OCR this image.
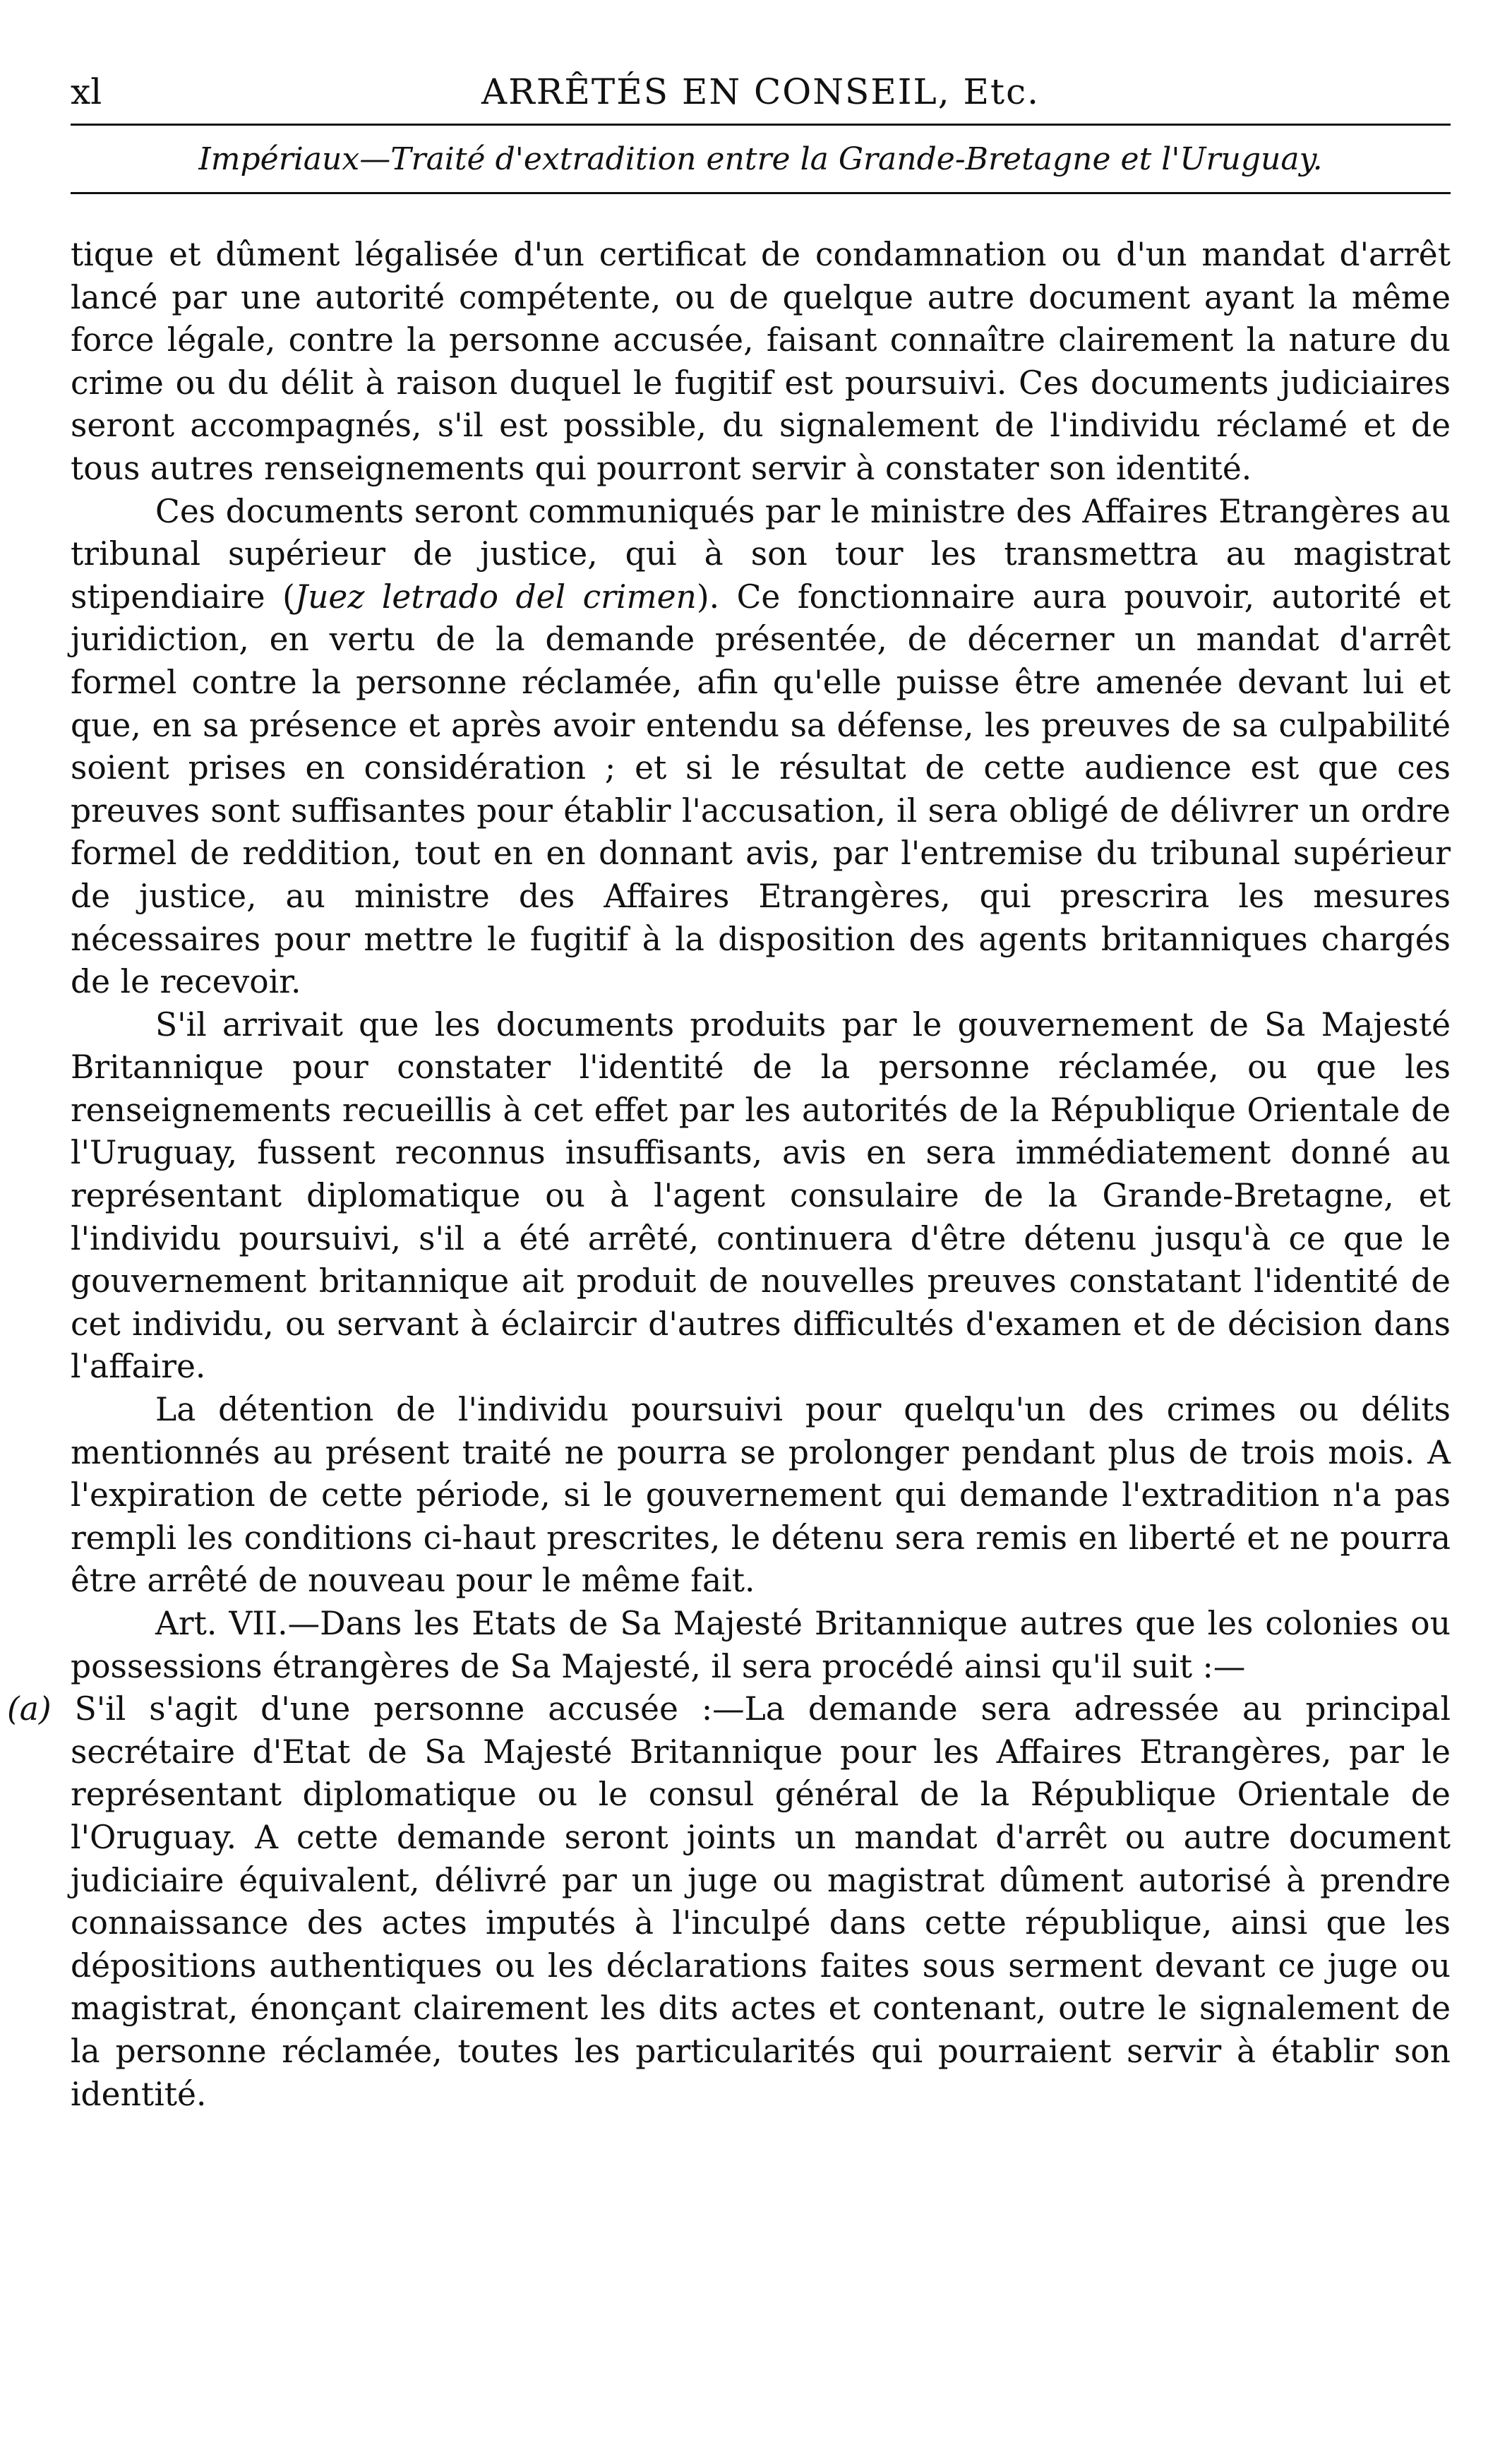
xl	ARRÊTÉS EN CONSEIL, Etc.
Impériaux—Traité d'extradition entre la Grande-Bretagne et l'Uruguay.

tique et dûment légalisée d'un certificat de condamnation ou d'un mandat d'arrêt lancé par une autorité compétente, ou de quelque autre document ayant la même force légale, contre la personne accusée, faisant connaître clairement la nature du crime ou du délit à raison duquel le fugitif est poursuivi. Ces documents judiciaires seront accompagnés, s'il est possible, du signalement de l'individu réclamé et de tous autres renseignements qui pourront servir à constater son identité.

Ces documents seront communiqués par le ministre des Affaires Etrangères au tribunal supérieur de justice, qui à son tour les transmettra au magistrat stipendiaire (Juez letrado del crimen). Ce fonctionnaire aura pouvoir, autorité et juridiction, en vertu de la demande présentée, de décerner un mandat d'arrêt formel contre la personne réclamée, afin qu'elle puisse être amenée devant lui et que, en sa présence et après avoir entendu sa défense, les preuves de sa culpabilité soient prises en considération ; et si le résultat de cette audience est que ces preuves sont suffisantes pour établir l'accusation, il sera obligé de délivrer un ordre formel de reddition, tout en en donnant avis, par l'entremise du tribunal supérieur de justice, au ministre des Affaires Etrangères, qui prescrira les mesures nécessaires pour mettre le fugitif à la disposition des agents britanniques chargés de le recevoir.

S'il arrivait que les documents produits par le gouvernement de Sa Majesté Britannique pour constater l'identité de la personne réclamée, ou que les renseignements recueillis à cet effet par les autorités de la République Orientale de l'Uruguay, fussent reconnus insuffisants, avis en sera immédiatement donné au représentant diplomatique ou à l'agent consulaire de la Grande-Bretagne, et l'individu poursuivi, s'il a été arrêté, continuera d'être détenu jusqu'à ce que le gouvernement britannique ait produit de nouvelles preuves constatant l'identité de cet individu, ou servant à éclaircir d'autres difficultés d'examen et de décision dans l'affaire.

La détention de l'individu poursuivi pour quelqu'un des crimes ou délits mentionnés au présent traité ne pourra se prolonger pendant plus de trois mois. A l'expiration de cette période, si le gouvernement qui demande l'extradition n'a pas rempli les conditions ci-haut prescrites, le détenu sera remis en liberté et ne pourra être arrêté de nouveau pour le même fait.

Art. VII.—Dans les Etats de Sa Majesté Britannique autres que les colonies ou possessions étrangères de Sa Majesté, il sera procédé ainsi qu'il suit :—

(a) S'il s'agit d'une personne accusée :—La demande sera adressée au principal secrétaire d'Etat de Sa Majesté Britannique pour les Affaires Etrangères, par le représentant diplomatique ou le consul général de la République Orientale de l'Oruguay. A cette demande seront joints un mandat d'arrêt ou autre document judiciaire équivalent, délivré par un juge ou magistrat dûment autorisé à prendre connaissance des actes imputés à l'inculpé dans cette république, ainsi que les dépositions authentiques ou les déclarations faites sous serment devant ce juge ou magistrat, énonçant clairement les dits actes et contenant, outre le signalement de la personne réclamée, toutes les particularités qui pourraient servir à établir son identité.
